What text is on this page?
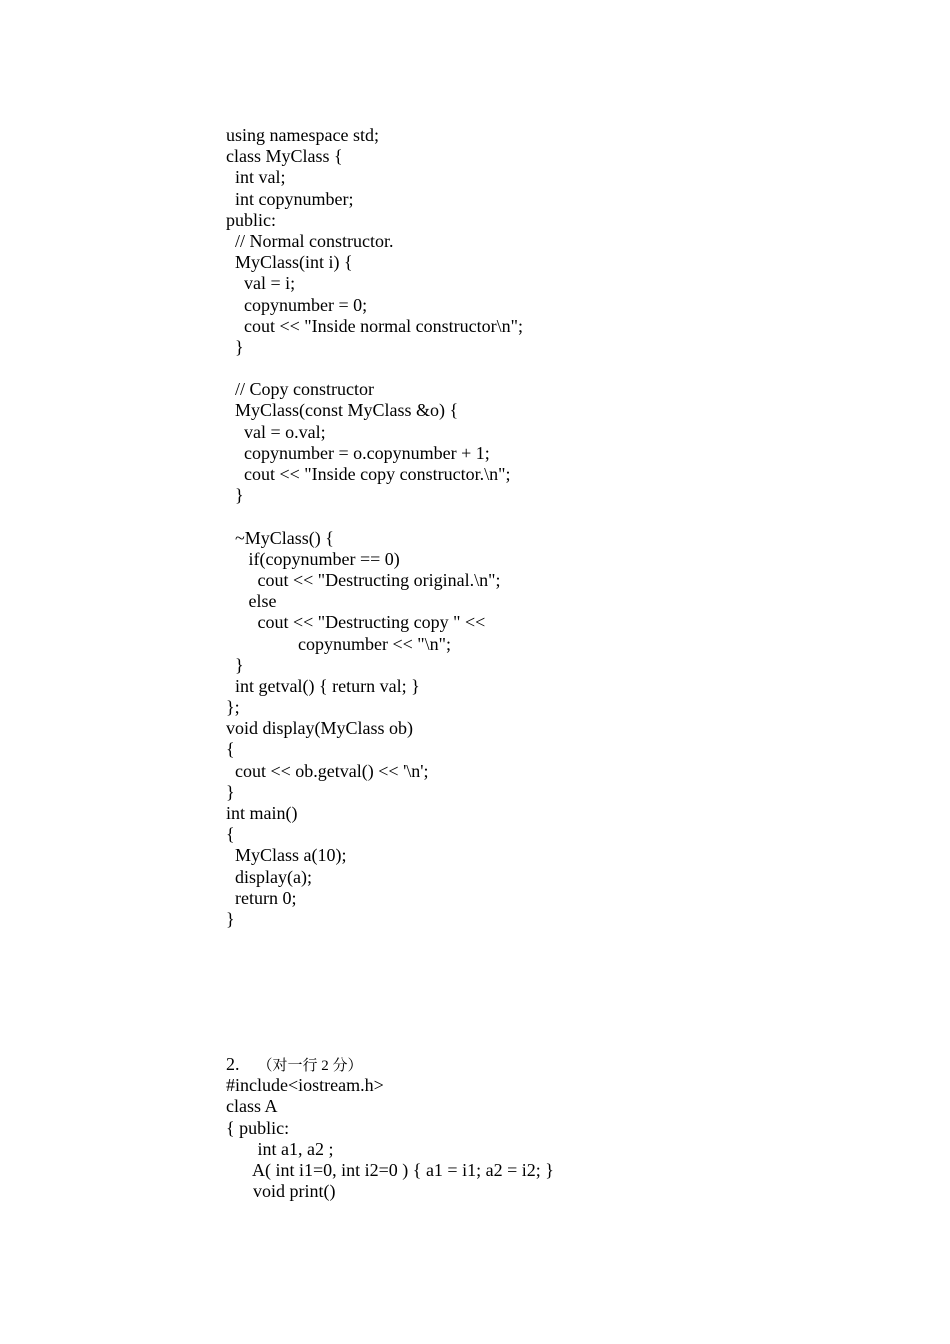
using namespace std;
class MyClass {
int val;
int copynumber;
public:
// Normal constructor.
MyClass(int i) {
val = i;
copynumber = 0;
cout << "Inside normal constructor\n";
}
// Copy constructor
MyClass(const MyClass &o) {
val = o.val;
copynumber = o.copynumber + 1;
cout << "Inside copy constructor.\n";
}
~MyClass() {
if(copynumber == 0)
cout << "Destructing original.\n";
else
cout << "Destructing copy " <<
copynumber << "\n";
}
int getval() { return val; }
};
void display(MyClass ob)
{
cout << ob.getval() << '\n';
}
int main()
{
MyClass a(10);
display(a);
return 0;
}
2. （对一行 2 分）
#include<iostream.h>
class A
{ public:
int a1, a2 ;
A( int i1=0, int i2=0 ) { a1 = i1; a2 = i2; }
void print()
